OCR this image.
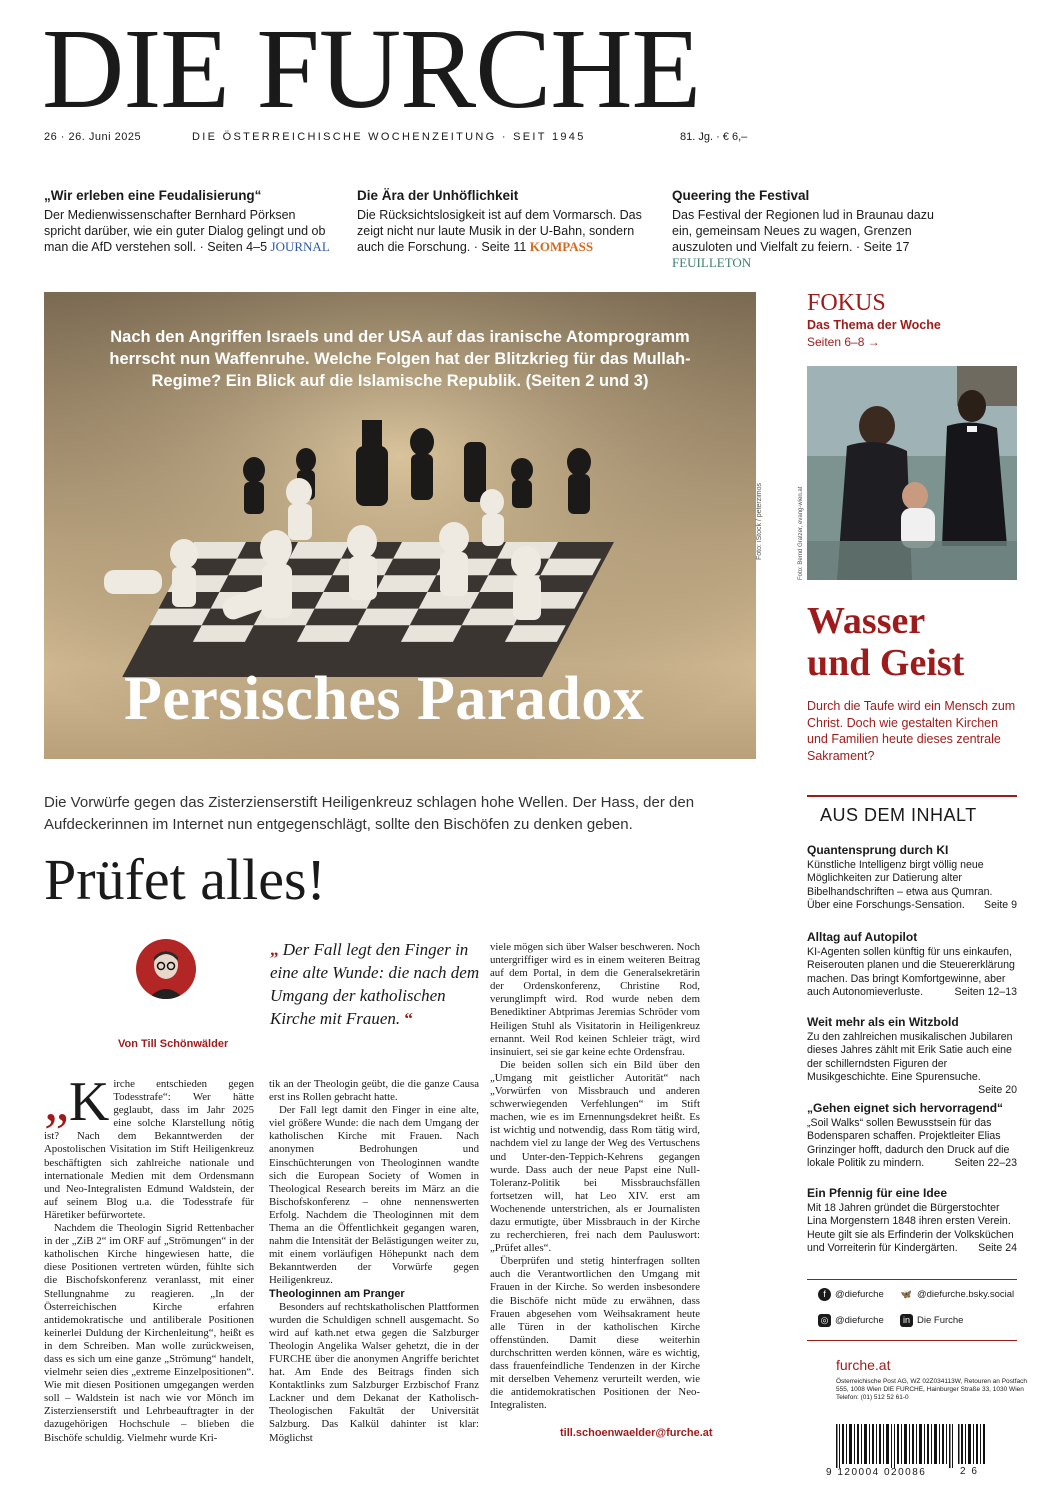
DIE FURCHE
26 · 26. Juni 2025	DIE ÖSTERREICHISCHE WOCHENZEITUNG · SEIT 1945	81. Jg. · € 6,–
„Wir erleben eine Feudalisierung“

Der Medienwissenschafter Bernhard Pörksen spricht darüber, wie ein guter Dialog gelingt und ob man die AfD verstehen soll. · Seiten 4–5 JOURNAL

Die Ära der Unhöflichkeit

Die Rücksichtslosigkeit ist auf dem Vormarsch. Das zeigt nicht nur laute Musik in der U-Bahn, sondern auch die Forschung. · Seite 11 KOMPASS

Queering the Festival

Das Festival der Regionen lud in Braunau dazu ein, gemeinsam Neues zu wagen, Grenzen auszuloten und Vielfalt zu feiern. · Seite 17 FEUILLETON

Nach den Angriffen Israels und der USA auf das iranische Atomprogramm herrscht nun Waffenruhe. Welche Folgen hat der Blitzkrieg für das Mullah-Regime? Ein Blick auf die Islamische Republik. (Seiten 2 und 3)
Persisches Paradox
Foto: iStock / peterzimos
FOKUS
Das Thema der Woche
Seiten 6–8 →
Foto: Bernd Gratzer, evang-wien.at
Wasser
und Geist
Durch die Taufe wird ein Mensch zum Christ. Doch wie gestalten Kirchen und Familien heute dieses zentrale Sakrament?
Die Vorwürfe gegen das Zisterzienserstift Heiligenkreuz schlagen hohe Wellen. Der Hass, der den Aufdeckerinnen im Internet nun entgegenschlägt, sollte den Bischöfen zu denken geben.
Prüfet alles!
Von Till Schönwälder
„ Der Fall legt den Finger in eine alte Wunde: die nach dem Umgang der katholischen Kirche mit Frauen. “

„K irche entschieden gegen Todesstrafe“: Wer hätte geglaubt, dass im Jahr 2025 eine solche Klarstellung nötig ist? Nach dem Bekanntwerden der Apostolischen Visitation im Stift Heiligenkreuz beschäftigten sich zahlreiche nationale und internationale Medien mit dem Ordensmann und Neo-Integralisten Edmund Waldstein, der auf seinem Blog u.a. die Todesstrafe für Häretiker befürwortete.

Nachdem die Theologin Sigrid Rettenbacher in der „ZiB 2“ im ORF auf „Strömungen“ in der katholischen Kirche hingewiesen hatte, die diese Positionen vertreten würden, fühlte sich die Bischofskonferenz veranlasst, mit einer Stellungnahme zu reagieren. „In der Österreichischen Kirche erfahren antidemokratische und antiliberale Positionen keinerlei Duldung der Kirchenleitung“, heißt es in dem Schreiben. Man wolle zurückweisen, dass es sich um eine ganze „Strömung“ handelt, vielmehr seien dies „extreme Einzelpositionen“. Wie mit diesen Positionen umgegangen werden soll – Waldstein ist nach wie vor Mönch im Zisterzienserstift und Lehrbeauftragter in der dazugehörigen Hochschule – blieben die Bischöfe schuldig. Vielmehr wurde Kri-

tik an der Theologin geübt, die die ganze Causa erst ins Rollen gebracht hatte.

Der Fall legt damit den Finger in eine alte, viel größere Wunde: die nach dem Umgang der katholischen Kirche mit Frauen. Nach anonymen Bedrohungen und Einschüchterungen von Theologinnen wandte sich die European Society of Women in Theological Research bereits im März an die Bischofskonferenz – ohne nennenswerten Erfolg. Nachdem die Theologinnen mit dem Thema an die Öffentlichkeit gegangen waren, nahm die Intensität der Belästigungen weiter zu, mit einem vorläufigen Höhepunkt nach dem Bekanntwerden der Vorwürfe gegen Heiligenkreuz.

Theologinnen am Pranger

Besonders auf rechtskatholischen Plattformen wurden die Schuldigen schnell ausgemacht. So wird auf kath.net etwa gegen die Salzburger Theologin Angelika Walser gehetzt, die in der FURCHE über die anonymen Angriffe berichtet hat. Am Ende des Beitrags finden sich Kontaktlinks zum Salzburger Erzbischof Franz Lackner und dem Dekanat der Katholisch-Theologischen Fakultät der Universität Salzburg. Das Kalkül dahinter ist klar: Möglichst

viele mögen sich über Walser beschweren. Noch untergriffiger wird es in einem weiteren Beitrag auf dem Portal, in dem die Generalsekretärin der Ordenskonferenz, Christine Rod, verunglimpft wird. Rod wurde neben dem Benediktiner Abtprimas Jeremias Schröder vom Heiligen Stuhl als Visitatorin in Heiligenkreuz ernannt. Weil Rod keinen Schleier trägt, wird insinuiert, sei sie gar keine echte Ordensfrau.

Die beiden sollen sich ein Bild über den „Umgang mit geistlicher Autorität“ nach „Vorwürfen von Missbrauch und anderen schwerwiegenden Verfehlungen“ im Stift machen, wie es im Ernennungsdekret heißt. Es ist wichtig und notwendig, dass Rom tätig wird, nachdem viel zu lange der Weg des Vertuschens und Unter-den-Teppich-Kehrens gegangen wurde. Dass auch der neue Papst eine Null-Toleranz-Politik bei Missbrauchsfällen fortsetzen will, hat Leo XIV. erst am Wochenende unterstrichen, als er Journalisten dazu ermutigte, über Missbrauch in der Kirche zu recherchieren, frei nach dem Pauluswort: „Prüfet alles“.

Überprüfen und stetig hinterfragen sollten auch die Verantwortlichen den Umgang mit Frauen in der Kirche. So werden insbesondere die Bischöfe nicht müde zu erwähnen, dass Frauen abgesehen vom Weihsakrament heute alle Türen in der katholischen Kirche offenstünden. Damit diese weiterhin durchschritten werden können, wäre es wichtig, dass frauenfeindliche Tendenzen in der Kirche mit derselben Vehemenz verurteilt werden, wie die antidemokratischen Positionen der Neo-Integralisten.

till.schoenwaelder@furche.at
AUS DEM INHALT
Quantensprung durch KI

Künstliche Intelligenz birgt völlig neue Möglichkeiten zur Datierung alter Bibelhandschriften – etwa aus Qumran. Über eine Forschungs-Sensation. Seite 9

Alltag auf Autopilot

KI-Agenten sollen künftig für uns einkaufen, Reiserouten planen und die Steuererklärung machen. Das bringt Komfortgewinne, aber auch Autonomieverluste.	Seiten 12–13

Weit mehr als ein Witzbold

Zu den zahlreichen musikalischen Jubilaren dieses Jahres zählt mit Erik Satie auch eine der schillerndsten Figuren der Musikgeschichte. Eine Spurensuche.
Seite 20

„Gehen eignet sich hervorragend“

„Soil Walks“ sollen Bewusstsein für das Bodensparen schaffen. Projektleiter Elias Grinzinger hofft, dadurch den Druck auf die lokale Politik zu mindern.	Seiten 22–23

Ein Pfennig für eine Idee

Mit 18 Jahren gründet die Bürgerstochter Lina Morgenstern 1848 ihren ersten Verein. Heute gilt sie als Erfinderin der Volksküchen und Vorreiterin für Kindergärten. Seite 24

f @diefurche 🦋 @diefurche.bsky.social
◎ @diefurche	in Die Furche
furche.at
Österreichische Post AG, WZ 02Z034113W, Retouren an Postfach 555, 1008 Wien DIE FURCHE, Hainburger Straße 33, 1030 Wien Telefon: (01) 512 52 61-0
9 120004 020086	2 6
